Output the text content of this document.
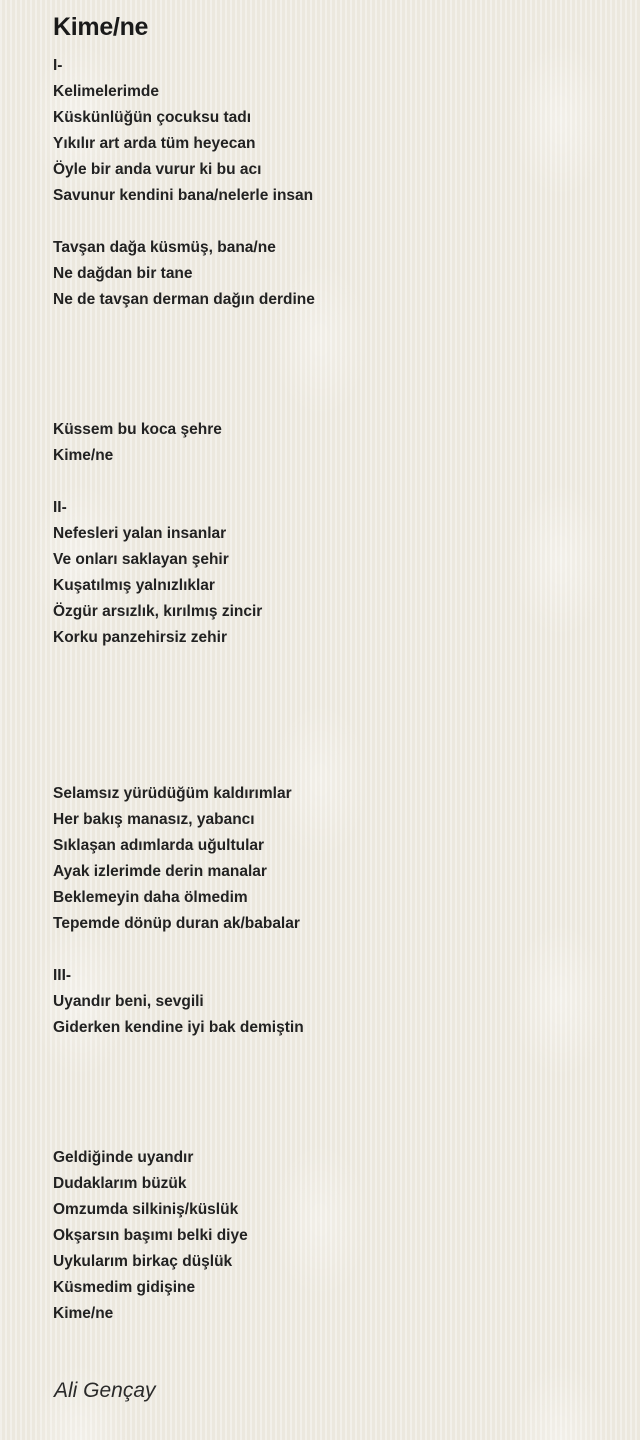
Kime/ne
I-
Kelimelerimde
Küskünlüğün çocuksu tadı
Yıkılır art arda tüm heyecan
Öyle bir anda vurur ki bu acı
Savunur kendini bana/nelerle insan
Tavşan dağa küsmüş, bana/ne
Ne dağdan bir tane
Ne de tavşan derman dağın derdine
Küssem bu koca şehre
Kime/ne
II-
Nefesleri yalan insanlar
Ve onları saklayan şehir
Kuşatılmış yalnızlıklar
Özgür arsızlık, kırılmış zincir
Korku panzehirsiz zehir
Selamsız yürüdüğüm kaldırımlar
Her bakış manasız, yabancı
Sıklaşan adımlarda uğultular
Ayak izlerimde derin manalar
Beklemeyin daha ölmedim
Tepemde dönüp duran ak/babalar
III-
Uyandır beni, sevgili
Giderken kendine iyi bak demiştin
Geldiğinde uyandır
Dudaklarım büzük
Omzumda silkiniş/küslük
Okşarsın başımı belki diye
Uykularım birkaç düşlük
Küsmedim gidişine
Kime/ne
Ali Gençay
